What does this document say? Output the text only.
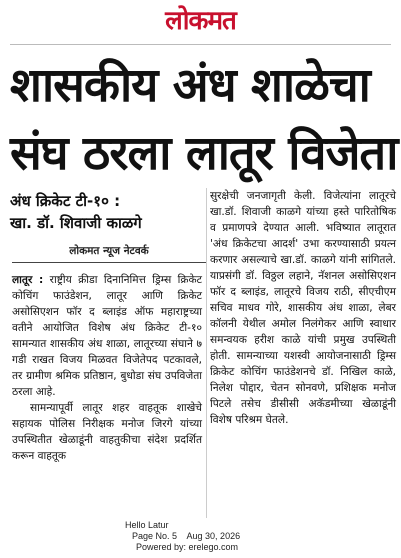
लोकमत
शासकीय अंध शाळेचा
संघ ठरला लातूर विजेता
अंध क्रिकेट टी-१० :
खा. डॉ. शिवाजी काळगे
लोकमत न्यूज नेटवर्क

लातूर : राष्ट्रीय क्रीडा दिनानिमित्त ड्रिम्स क्रिकेट कोचिंग फाउंडेशन, लातूर आणि क्रिकेट असोसिएशन फॉर द ब्लाइंड ऑफ महाराष्ट्रच्या वतीने आयोजित विशेष अंध क्रिकेट टी-१० सामन्यात शासकीय अंध शाळा, लातूरच्या संघाने ७ गडी राखत विजय मिळवत विजेतेपद पटकावले, तर ग्रामीण श्रमिक प्रतिष्ठान, बुधोडा संघ उपविजेता ठरला आहे.

सामन्यापूर्वी लातूर शहर वाहतूक शाखेचे सहायक पोलिस निरीक्षक मनोज जिरगे यांच्या उपस्थितीत खेळाडूंनी वाहतुकीचा संदेश प्रदर्शित करून वाहतूक

सुरक्षेची जनजागृती केली. विजेत्यांना लातूरचे खा.डॉ. शिवाजी काळगे यांच्या हस्ते पारितोषिक व प्रमाणपत्रे देण्यात आली. भविष्यात लातूरात 'अंध क्रिकेटचा आदर्श' उभा करण्यासाठी प्रयत्न करणार असल्याचे खा.डॉ. काळगे यांनी सांगितले. याप्रसंगी डॉ. विठ्ठल लहाने, नॅशनल असोसिएशन फॉर द ब्लाइंड, लातूरचे विजय राठी, सीएचीएम सचिव माधव गोरे, शासकीय अंध शाळा, लेबर कॉलनी येथील अमोल निलंगेकर आणि स्वाधार समन्वयक हरीश काळे यांची प्रमुख उपस्थिती होती. सामन्याच्या यशस्वी आयोजनासाठी ड्रिम्स क्रिकेट कोचिंग फाउंडेशनचे डॉ. निखिल काळे, निलेश पोद्दार, चेतन सोनवणे, प्रशिक्षक मनोज पिटले तसेच डीसीसी अकॅडमीच्या खेळाडूंनी विशेष परिश्रम घेतले.

Hello Latur
Page No. 5    Aug 30, 2026
Powered by: erelego.com
